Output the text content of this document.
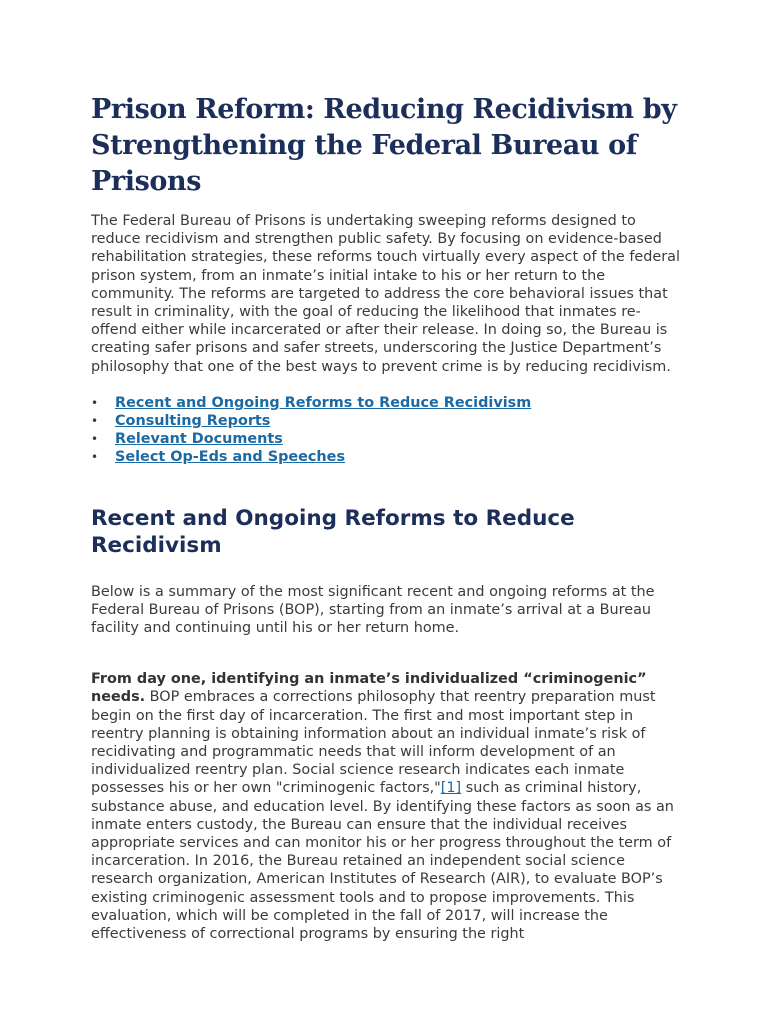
Prison Reform: Reducing Recidivism by Strengthening the Federal Bureau of Prisons

The Federal Bureau of Prisons is undertaking sweeping reforms designed to reduce recidivism and strengthen public safety. By focusing on evidence-based rehabilitation strategies, these reforms touch virtually every aspect of the federal prison system, from an inmate’s initial intake to his or her return to the community. The reforms are targeted to address the core behavioral issues that result in criminality, with the goal of reducing the likelihood that inmates re-offend either while incarcerated or after their release. In doing so, the Bureau is creating safer prisons and safer streets, underscoring the Justice Department’s philosophy that one of the best ways to prevent crime is by reducing recidivism.

• Recent and Ongoing Reforms to Reduce Recidivism
• Consulting Reports
• Relevant Documents
• Select Op-Eds and Speeches
Recent and Ongoing Reforms to Reduce Recidivism

Below is a summary of the most significant recent and ongoing reforms at the Federal Bureau of Prisons (BOP), starting from an inmate’s arrival at a Bureau facility and continuing until his or her return home.

From day one, identifying an inmate’s individualized “criminogenic” needs. BOP embraces a corrections philosophy that reentry preparation must begin on the first day of incarceration. The first and most important step in reentry planning is obtaining information about an individual inmate’s risk of recidivating and programmatic needs that will inform development of an individualized reentry plan. Social science research indicates each inmate possesses his or her own "criminogenic factors,"[1] such as criminal history, substance abuse, and education level. By identifying these factors as soon as an inmate enters custody, the Bureau can ensure that the individual receives appropriate services and can monitor his or her progress throughout the term of incarceration. In 2016, the Bureau retained an independent social science research organization, American Institutes of Research (AIR), to evaluate BOP’s existing criminogenic assessment tools and to propose improvements. This evaluation, which will be completed in the fall of 2017, will increase the effectiveness of correctional programs by ensuring the right
